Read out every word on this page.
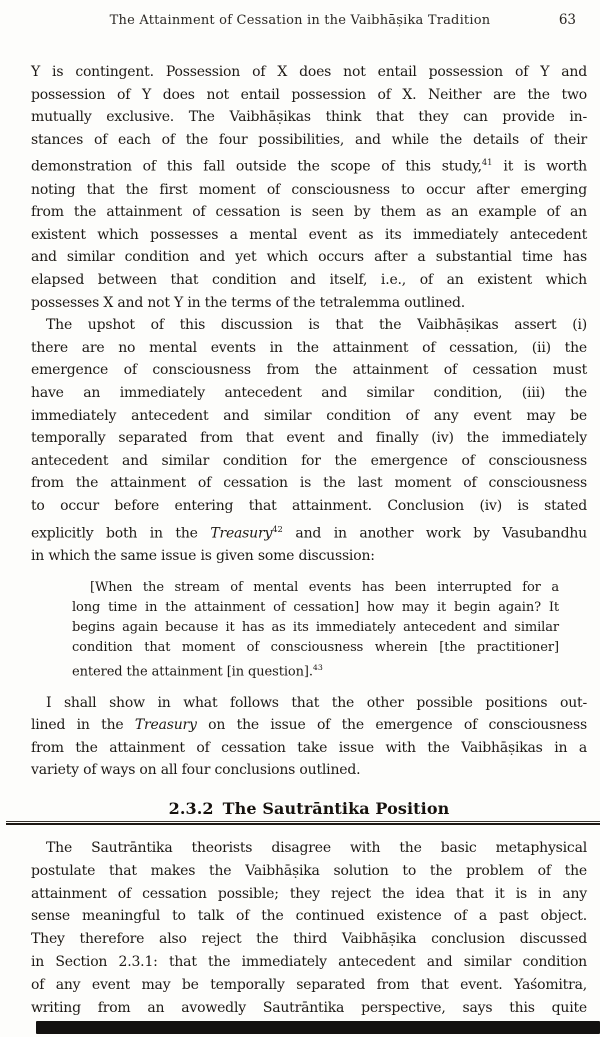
The Attainment of Cessation in the Vaibhāṣika Tradition	63
Y is contingent. Possession of X does not entail possession of Y and
possession of Y does not entail possession of X. Neither are the two
mutually exclusive. The Vaibhāṣikas think that they can provide in-
stances of each of the four possibilities, and while the details of their
demonstration of this fall outside the scope of this study,$^{41}$ it is worth
noting that the first moment of consciousness to occur after emerging
from the attainment of cessation is seen by them as an example of an
existent which possesses a mental event as its immediately antecedent
and similar condition and yet which occurs after a substantial time has
elapsed between that condition and itself, i.e., of an existent which
possesses X and not Y in the terms of the tetralemma outlined.
The upshot of this discussion is that the Vaibhāṣikas assert (i)
there are no mental events in the attainment of cessation, (ii) the
emergence of consciousness from the attainment of cessation must
have an immediately antecedent and similar condition, (iii) the
immediately antecedent and similar condition of any event may be
temporally separated from that event and finally (iv) the immediately
antecedent and similar condition for the emergence of consciousness
from the attainment of cessation is the last moment of consciousness
to occur before entering that attainment. Conclusion (iv) is stated
explicitly both in the Treasury$^{42}$ and in another work by Vasubandhu
in which the same issue is given some discussion:
[When the stream of mental events has been interrupted for a
long time in the attainment of cessation] how may it begin again? It
begins again because it has as its immediately antecedent and similar
condition that moment of consciousness wherein [the practitioner]
entered the attainment [in question].$^{43}$
I shall show in what follows that the other possible positions out-
lined in the Treasury on the issue of the emergence of consciousness
from the attainment of cessation take issue with the Vaibhāṣikas in a
variety of ways on all four conclusions outlined.
2.3.2 The Sautrāntika Position
The Sautrāntika theorists disagree with the basic metaphysical
postulate that makes the Vaibhāṣika solution to the problem of the
attainment of cessation possible; they reject the idea that it is in any
sense meaningful to talk of the continued existence of a past object.
They therefore also reject the third Vaibhāṣika conclusion discussed
in Section 2.3.1: that the immediately antecedent and similar condition
of any event may be temporally separated from that event. Yaśomitra,
writing from an avowedly Sautrāntika perspective, says this quite
